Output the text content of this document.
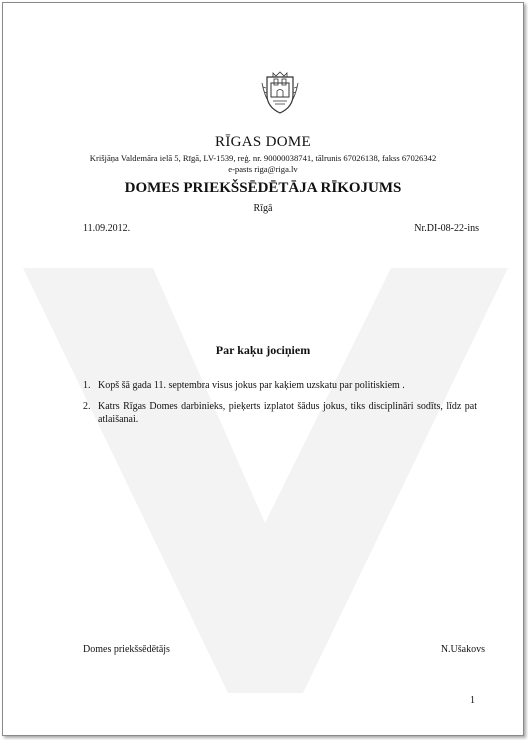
RĪGAS DOME
Krišjāņa Valdemāra ielā 5, Rīgā, LV-1539, reģ. nr. 90000038741, tālrunis 67026138, fakss 67026342
e-pasts riga@riga.lv
DOMES PRIEKŠSĒDĒTĀJA RĪKOJUMS
Rīgā
11.09.2012.	Nr.DI-08-22-ins
Par kaķu jociņiem
1. Kopš šā gada 11. septembra visus jokus par kaķiem uzskatu par politiskiem .
2. Katrs Rīgas Domes darbinieks, pieķerts izplatot šādus jokus, tiks disciplināri sodīts, līdz pat atlaišanai.
Domes priekšsēdētājs	N.Ušakovs
1
